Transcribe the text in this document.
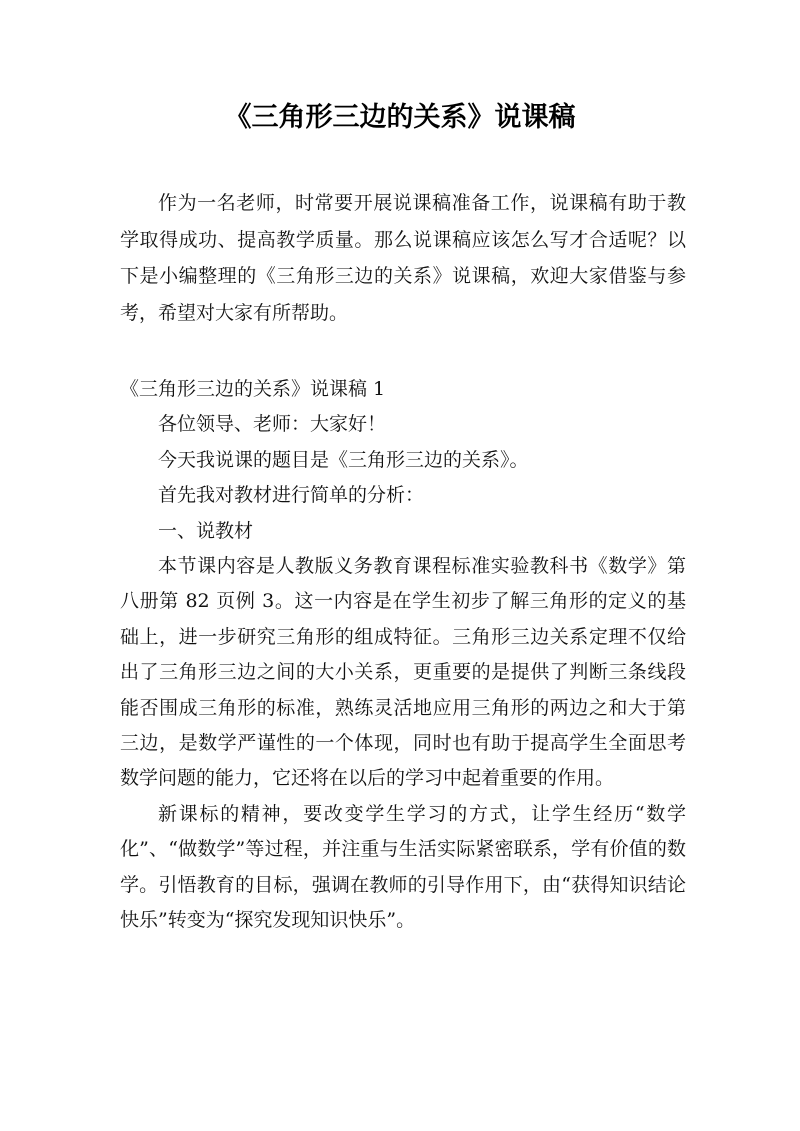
《三角形三边的关系》说课稿

作为一名老师，时常要开展说课稿准备工作，说课稿有助于教学取得成功、提高教学质量。那么说课稿应该怎么写才合适呢？以下是小编整理的《三角形三边的关系》说课稿，欢迎大家借鉴与参考，希望对大家有所帮助。

《三角形三边的关系》说课稿 1

各位领导、老师：大家好！

今天我说课的题目是《三角形三边的关系》。

首先我对教材进行简单的分析：

一、说教材

本节课内容是人教版义务教育课程标准实验教科书《数学》第八册第 82 页例 3。这一内容是在学生初步了解三角形的定义的基础上，进一步研究三角形的组成特征。三角形三边关系定理不仅给出了三角形三边之间的大小关系，更重要的是提供了判断三条线段能否围成三角形的标准，熟练灵活地应用三角形的两边之和大于第三边，是数学严谨性的一个体现，同时也有助于提高学生全面思考数学问题的能力，它还将在以后的学习中起着重要的作用。

新课标的精神，要改变学生学习的方式，让学生经历“数学化”、“做数学”等过程，并注重与生活实际紧密联系，学有价值的数学。引悟教育的目标，强调在教师的引导作用下，由“获得知识结论快乐”转变为“探究发现知识快乐”。
